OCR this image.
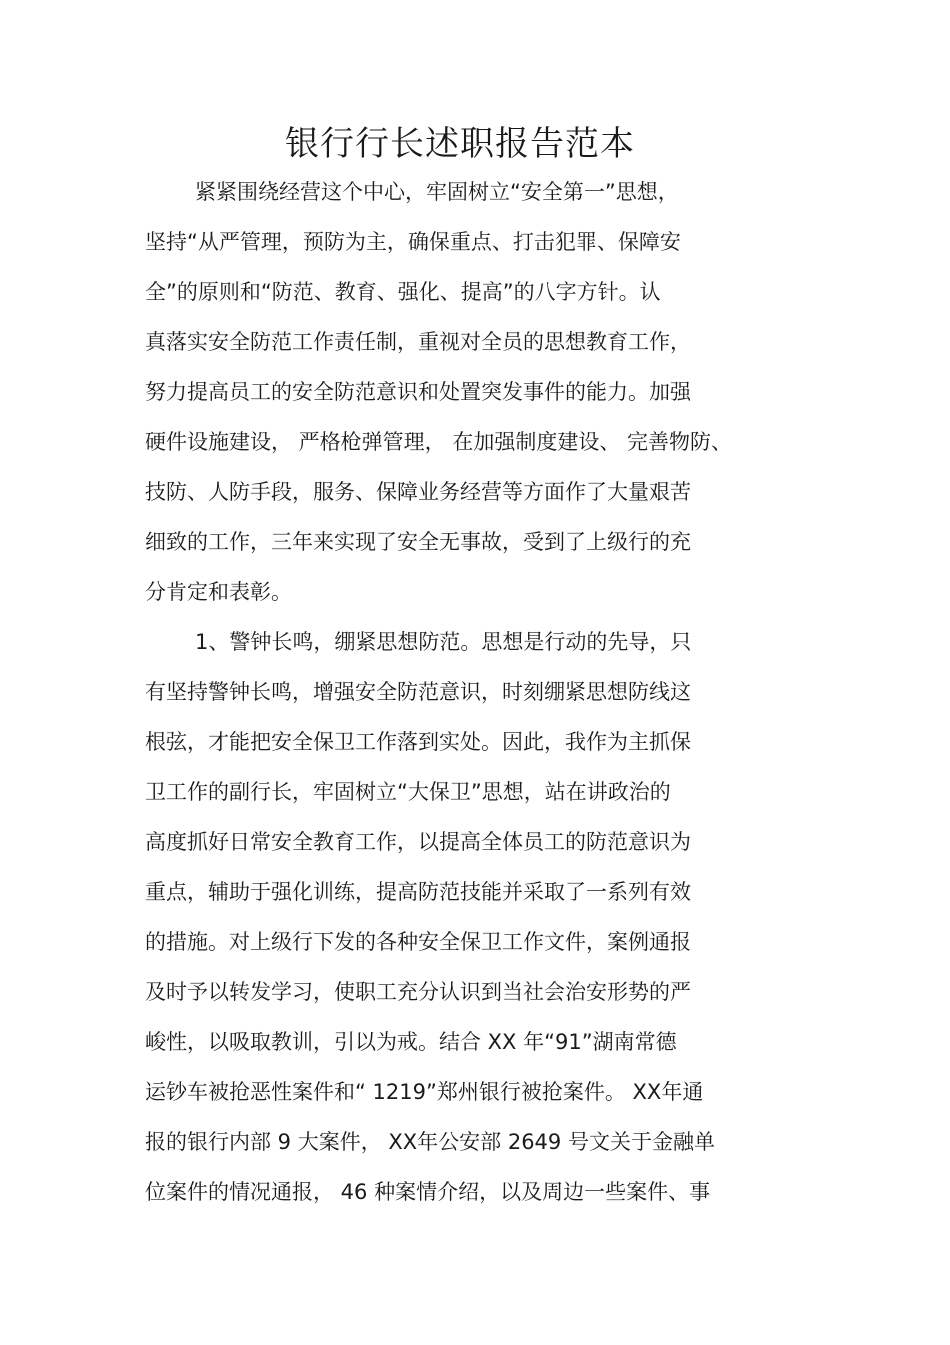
银行行长述职报告范本
紧紧围绕经营这个中心，牢固树立“安全第一”思想，
坚持“从严管理，预防为主，确保重点、打击犯罪、保障安
全”的原则和“防范、教育、强化、提高”的八字方针。认
真落实安全防范工作责任制，重视对全员的思想教育工作，
努力提高员工的安全防范意识和处置突发事件的能力。加强
硬件设施建设， 严格枪弹管理， 在加强制度建设、 完善物防、
技防、人防手段，服务、保障业务经营等方面作了大量艰苦
细致的工作，三年来实现了安全无事故，受到了上级行的充
分肯定和表彰。
1、警钟长鸣，绷紧思想防范。思想是行动的先导，只
有坚持警钟长鸣，增强安全防范意识，时刻绷紧思想防线这
根弦，才能把安全保卫工作落到实处。因此，我作为主抓保
卫工作的副行长，牢固树立“大保卫”思想，站在讲政治的
高度抓好日常安全教育工作，以提高全体员工的防范意识为
重点，辅助于强化训练，提高防范技能并采取了一系列有效
的措施。对上级行下发的各种安全保卫工作文件，案例通报
及时予以转发学习，使职工充分认识到当社会治安形势的严
峻性，以吸取教训，引以为戒。结合 XX 年“91”湖南常德
运钞车被抢恶性案件和“ 1219”郑州银行被抢案件。 XX年通
报的银行内部 9 大案件， XX年公安部 2649 号文关于金融单
位案件的情况通报， 46 种案情介绍，以及周边一些案件、事
